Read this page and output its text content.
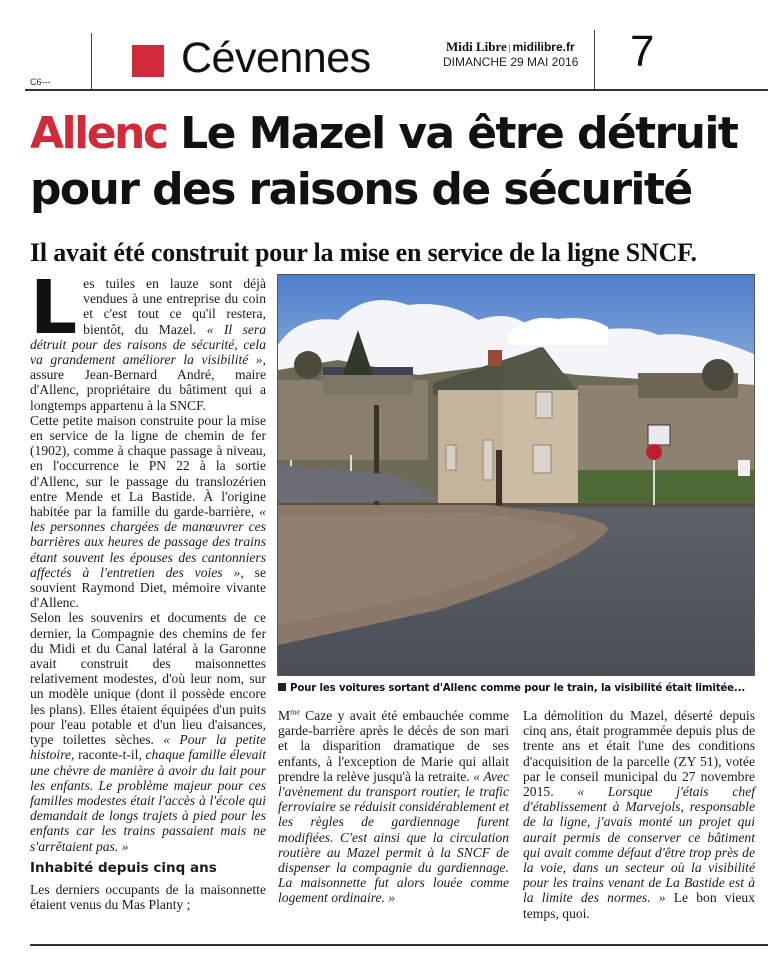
C6---	Cévennes	Midi Libre | midilibre.fr
DIMANCHE 29 MAI 2016 7
Allenc Le Mazel va être détruit pour des raisons de sécurité
Il avait été construit pour la mise en service de la ligne SNCF.

Les tuiles en lauze sont déjà vendues à une entreprise du coin et c'est tout ce qu'il restera, bientôt, du Mazel. « Il sera détruit pour des raisons de sécurité, cela va grandement améliorer la visibilité », assure Jean-Bernard André, maire d'Allenc, propriétaire du bâtiment qui a longtemps appartenu à la SNCF.

Cette petite maison construite pour la mise en service de la ligne de chemin de fer (1902), comme à chaque passage à niveau, en l'occurrence le PN 22 à la sortie d'Allenc, sur le passage du translozérien entre Mende et La Bastide. À l'origine habitée par la famille du garde-barrière, « les personnes chargées de manœuvrer ces barrières aux heures de passage des trains étant souvent les épouses des cantonniers affectés à l'entretien des voies », se souvient Raymond Diet, mémoire vivante d'Allenc.

Selon les souvenirs et documents de ce dernier, la Compagnie des chemins de fer du Midi et du Canal latéral à la Garonne avait construit des maisonnettes relativement modestes, d'où leur nom, sur un modèle unique (dont il possède encore les plans). Elles étaient équipées d'un puits pour l'eau potable et d'un lieu d'aisances, type toilettes sèches. « Pour la petite histoire, raconte-t-il, chaque famille élevait une chèvre de manière à avoir du lait pour les enfants. Le problème majeur pour ces familles modestes était l'accès à l'école qui demandait de longs trajets à pied pour les enfants car les trains passaient mais ne s'arrêtaient pas. »

Inhabité depuis cinq ans

Les derniers occupants de la maisonnette étaient venus du Mas Planty ;

Pour les voitures sortant d'Allenc comme pour le train, la visibilité était limitée...

$M^{me}$ Caze y avait été embauchée comme garde-barrière après le décès de son mari et la disparition dramatique de ses enfants, à l'exception de Marie qui allait prendre la relève jusqu'à la retraite. « Avec l'avènement du transport routier, le trafic ferroviaire se réduisit considérablement et les règles de gardiennage furent modifiées. C'est ainsi que la circulation routière au Mazel permit à la SNCF de dispenser la compagnie du gardiennage. La maisonnette fut alors louée comme logement ordinaire. »

La démolition du Mazel, déserté depuis cinq ans, était programmée depuis plus de trente ans et était l'une des conditions d'acquisition de la parcelle (ZY 51), votée par le conseil municipal du 27 novembre 2015. « Lorsque j'étais chef d'établissement à Marvejols, responsable de la ligne, j'avais monté un projet qui aurait permis de conserver ce bâtiment qui avait comme défaut d'être trop près de la voie, dans un secteur où la visibilité pour les trains venant de La Bastide est à la limite des normes. » Le bon vieux temps, quoi.
